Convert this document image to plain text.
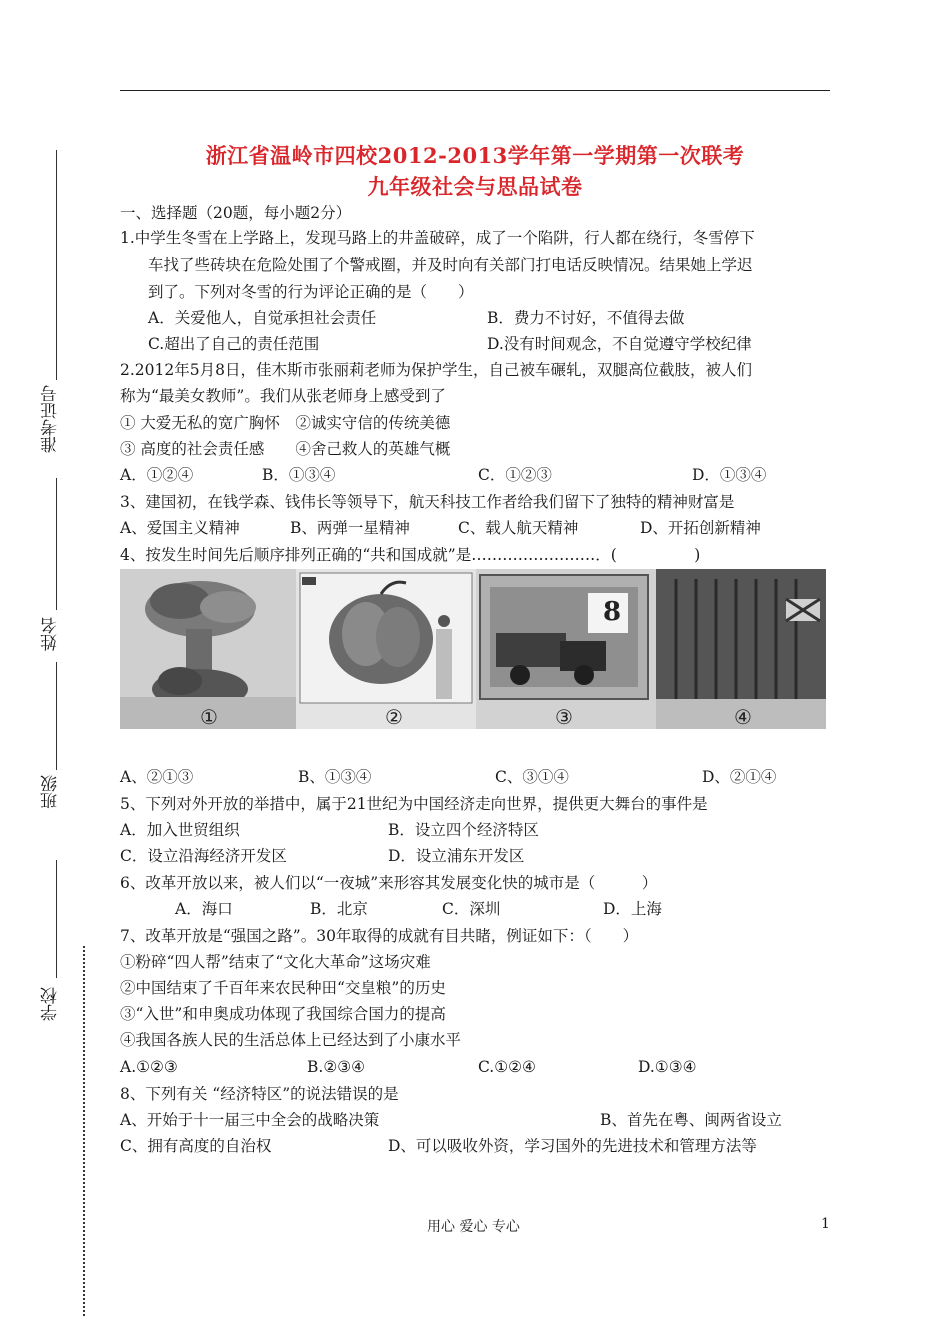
准考证号
姓名
班级
学校
浙江省温岭市四校2012-2013学年第一学期第一次联考
九年级社会与思品试卷
一、选择题（20题，每小题2分）
1.中学生冬雪在上学路上，发现马路上的井盖破碎，成了一个陷阱，行人都在绕行，冬雪停下
车找了些砖块在危险处围了个警戒圈，并及时向有关部门打电话反映情况。结果她上学迟
到了。下列对冬雪的行为评论正确的是（　　）
A．关爱他人，自觉承担社会责任	B．费力不讨好，不值得去做
C.超出了自己的责任范围	D.没有时间观念，不自觉遵守学校纪律
2.2012年5月8日，佳木斯市张丽莉老师为保护学生，自己被车碾轧，双腿高位截肢，被人们
称为“最美女教师”。我们从张老师身上感受到了
① 大爱无私的宽广胸怀　②诚实守信的传统美德
③ 高度的社会责任感　　④舍己救人的英雄气概
A．①②④	B．①③④	C．①②③	D．①③④
3、建国初，在钱学森、钱伟长等领导下，航天科技工作者给我们留下了独特的精神财富是
A、爱国主义精神	B、两弹一星精神	C、载人航天精神	D、开拓创新精神
4、按发生时间先后顺序排列正确的“共和国成就”是……………………．(　　　　　)
①	②	③	④
8
A、②①③	B、①③④	C、③①④	D、②①④
5、下列对外开放的举措中，属于21世纪为中国经济走向世界，提供更大舞台的事件是
A．加入世贸组织	B．设立四个经济特区
C．设立沿海经济开发区	D．设立浦东开发区
6、改革开放以来，被人们以“一夜城”来形容其发展变化快的城市是（　　　）
A．海口	B．北京	C．深圳	D．上海
7、改革开放是“强国之路”。30年取得的成就有目共睹，例证如下：（　　）
①粉碎“四人帮”结束了“文化大革命”这场灾难
②中国结束了千百年来农民种田“交皇粮”的历史
③“入世”和申奥成功体现了我国综合国力的提高
④我国各族人民的生活总体上已经达到了小康水平
A.①②③	B.②③④	C.①②④	D.①③④
8、下列有关 “经济特区”的说法错误的是
A、开始于十一届三中全会的战略决策	B、首先在粤、闽两省设立
C、拥有高度的自治权	D、可以吸收外资，学习国外的先进技术和管理方法等
用心 爱心 专心	1
